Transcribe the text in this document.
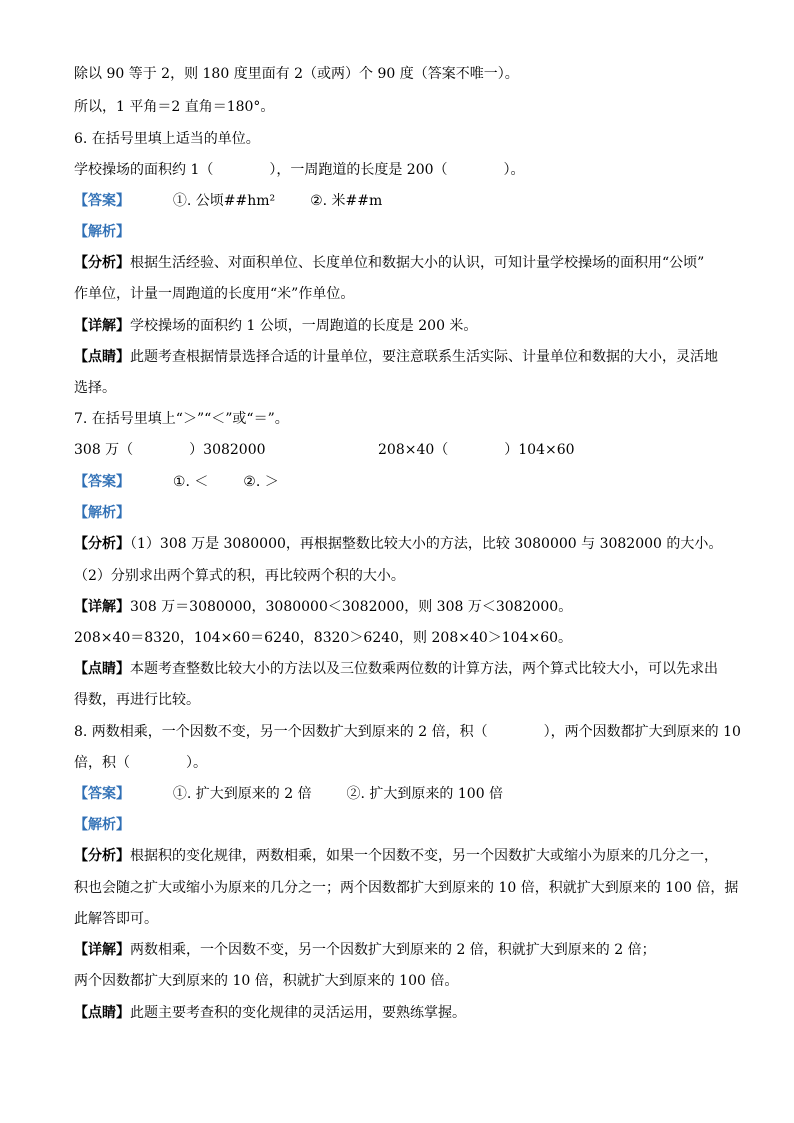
除以 90 等于 2，则 180 度里面有 2（或两）个 90 度（答案不唯一）。
所以，1 平角＝2 直角＝180°。
6. 在括号里填上适当的单位。
学校操场的面积约 1（　　　　），一周跑道的长度是 200（　　　　）。
【答案】	①. 公顷##hm² ②. 米##m
【解析】
【分析】根据生活经验、对面积单位、长度单位和数据大小的认识，可知计量学校操场的面积用“公顷”
作单位，计量一周跑道的长度用“米”作单位。
【详解】学校操场的面积约 1 公顷，一周跑道的长度是 200 米。
【点睛】此题考查根据情景选择合适的计量单位，要注意联系生活实际、计量单位和数据的大小，灵活地
选择。
7. 在括号里填上“＞”“＜”或“＝”。
308 万（　　　　）3082000	208×40（　　　　）104×60
【答案】	①. ＜ ②. ＞
【解析】
【分析】（1）308 万是 3080000，再根据整数比较大小的方法，比较 3080000 与 3082000 的大小。
（2）分别求出两个算式的积，再比较两个积的大小。
【详解】308 万＝3080000，3080000＜3082000，则 308 万＜3082000。
208×40＝8320，104×60＝6240，8320＞6240，则 208×40＞104×60。
【点睛】本题考查整数比较大小的方法以及三位数乘两位数的计算方法，两个算式比较大小，可以先求出
得数，再进行比较。
8. 两数相乘，一个因数不变，另一个因数扩大到原来的 2 倍，积（　　　　），两个因数都扩大到原来的 10
倍，积（　　　　）。
【答案】	①. 扩大到原来的 2 倍 ②. 扩大到原来的 100 倍
【解析】
【分析】根据积的变化规律，两数相乘，如果一个因数不变，另一个因数扩大或缩小为原来的几分之一，
积也会随之扩大或缩小为原来的几分之一；两个因数都扩大到原来的 10 倍，积就扩大到原来的 100 倍，据
此解答即可。
【详解】两数相乘，一个因数不变，另一个因数扩大到原来的 2 倍，积就扩大到原来的 2 倍；
两个因数都扩大到原来的 10 倍，积就扩大到原来的 100 倍。
【点睛】此题主要考查积的变化规律的灵活运用，要熟练掌握。
